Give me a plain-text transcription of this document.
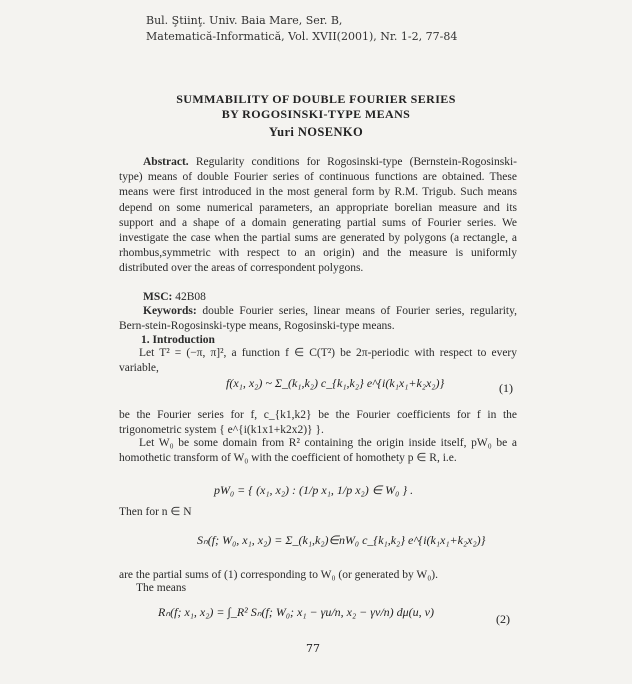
Bul. Ştiinţ. Univ. Baia Mare, Ser. B,
Matematică-Informatică, Vol. XVII(2001), Nr. 1-2, 77-84
SUMMABILITY OF DOUBLE FOURIER SERIES
BY ROGOSINSKI-TYPE MEANS
Yuri NOSENKO
Abstract. Regularity conditions for Rogosinski-type (Bernstein-Rogosinski-type) means of double Fourier series of continuous functions are obtained. These means were first introduced in the most general form by R.M. Trigub. Such means depend on some numerical parameters, an appropriate borelian measure and its support and a shape of a domain generating partial sums of Fourier series. We investigate the case when the partial sums are generated by polygons (a rectangle, a rhombus,symmetric with respect to an origin) and the measure is uniformly distributed over the areas of correspondent polygons.
MSC: 42B08
Keywords: double Fourier series, linear means of Fourier series, regularity, Bern-stein-Rogosinski-type means, Rogosinski-type means.
1. Introduction
Let T² = (−π, π]², a function f ∈ C(T²) be 2π-periodic with respect to every variable,
f(x₁, x₂) ~ Σ_(k₁,k₂) c_{k₁,k₂} e^{i(k₁x₁+k₂x₂)}	(1)
be the Fourier series for f, c_{k1,k2} be the Fourier coefficients for f in the trigonometric system { e^{i(k1x1+k2x2)} }.
Let W₀ be some domain from R² containing the origin inside itself, pW₀ be a homothetic transform of W₀ with the coefficient of homothety p ∈ R, i.e.
pW₀ = { (x₁, x₂) : (1/p x₁, 1/p x₂) ∈ W₀ } .
Then for n ∈ N
Sₙ(f; W₀, x₁, x₂) = Σ_(k₁,k₂)∈nW₀ c_{k₁,k₂} e^{i(k₁x₁+k₂x₂)}
are the partial sums of (1) corresponding to W₀ (or generated by W₀).
The means
Rₙ(f; x₁, x₂) = ∫_R² Sₙ(f; W₀; x₁ − γu/n, x₂ − γv/n) dμ(u, v)	(2)
77
